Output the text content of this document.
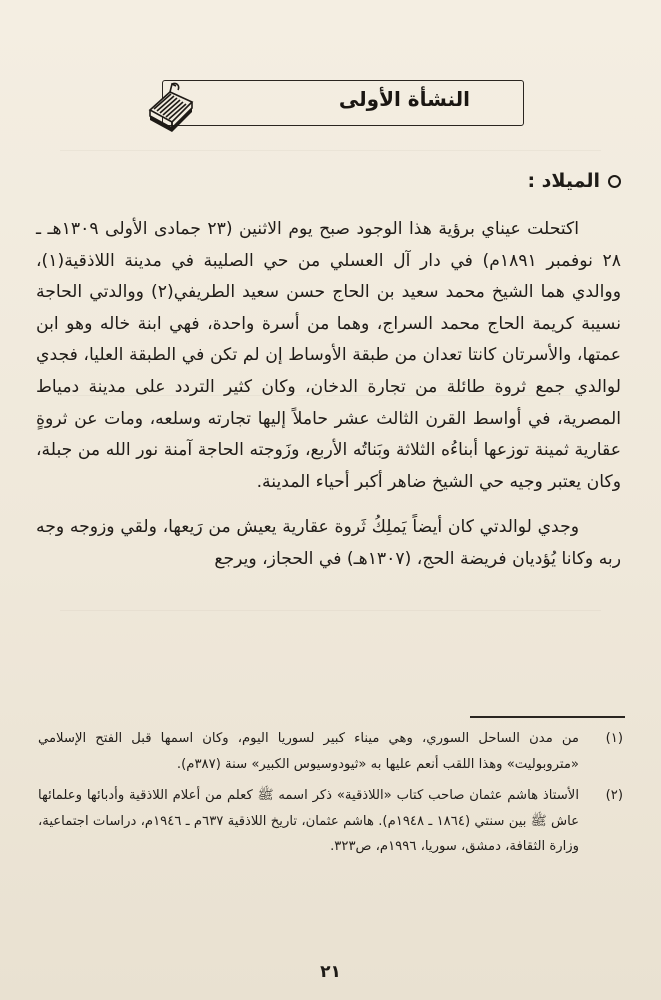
النشأة الأولى
الميلاد :

اكتحلت عيناي برؤية هذا الوجود صبح يوم الاثنين (٢٣ جمادى الأولى ١٣٠٩هـ ـ ٢٨ نوفمبر ١٨٩١م) في دار آل العسلي من حي الصليبة في مدينة اللاذقية(١)، ووالدي هما الشيخ محمد سعيد بن الحاج حسن سعيد الطريفي(٢) ووالدتي الحاجة نسيبة كريمة الحاج محمد السراج، وهما من أسرة واحدة، فهي ابنة خاله وهو ابن عمتها، والأسرتان كانتا تعدان من طبقة الأوساط إن لم تكن في الطبقة العليا، فجدي لوالدي جمع ثروة طائلة من تجارة الدخان، وكان كثير التردد على مدينة دمياط المصرية، في أواسط القرن الثالث عشر حاملاً إليها تجارته وسلعه، ومات عن ثروةٍ عقارية ثمينة توزعها أبناءُه الثلاثة وبَناتُه الأربع، وزَوجته الحاجة آمنة نور الله من جبلة، وكان يعتبر وجيه حي الشيخ ضاهر أكبر أحياء المدينة.

وجدي لوالدتي كان أيضاً يَملِكُ ثَروة عقارية يعيش من رَيعها، ولقي وزوجه وجه ربه وكانا يُؤديان فريضة الحج، (١٣٠٧هـ) في الحجاز، ويرجع

(١)
من مدن الساحل السوري، وهي ميناء كبير لسوريا اليوم، وكان اسمها قبل الفتح الإسلامي «متروبوليت» وهذا اللقب أنعم عليها به «ثيودوسيوس الكبير» سنة (٣٨٧م).
(٢)
الأستاذ هاشم عثمان صاحب كتاب «اللاذقية» ذكر اسمه ﷺ كعلم من أعلام اللاذقية وأدبائها وعلمائها عاش ﷺ بين سنتي (١٨٦٤ ـ ١٩٤٨م). هاشم عثمان، تاريخ اللاذقية ٦٣٧م ـ ١٩٤٦م، دراسات اجتماعية، وزارة الثقافة، دمشق، سوريا، ١٩٩٦م، ص٣٢٣.
٢١
